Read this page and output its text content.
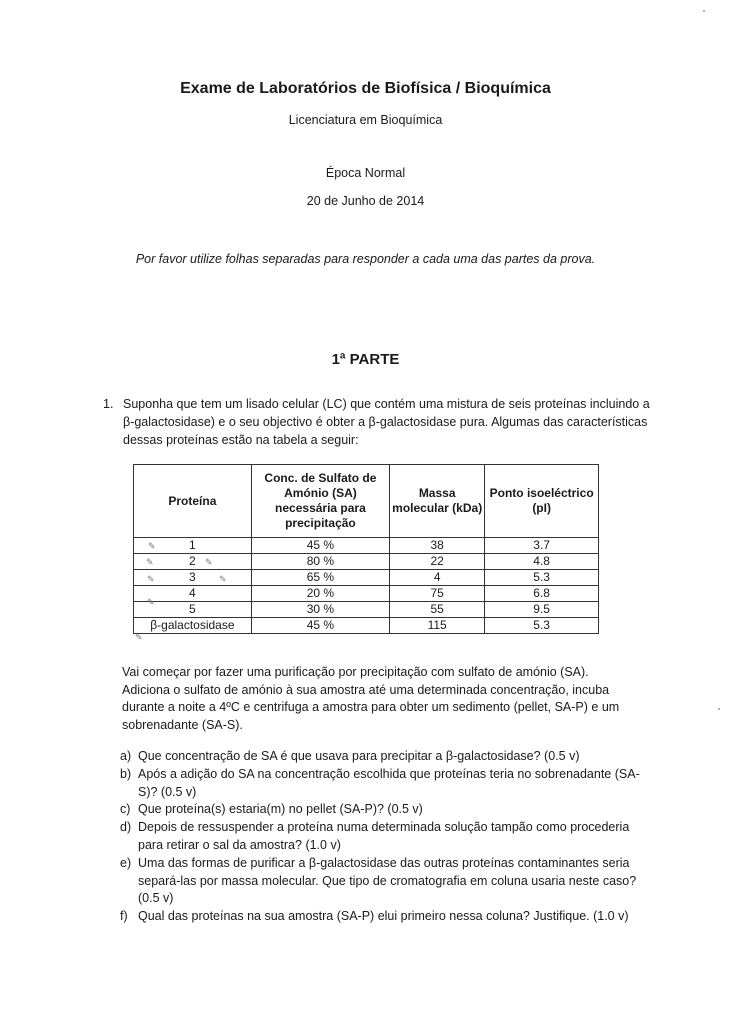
Exame de Laboratórios de Biofísica / Bioquímica
Licenciatura em Bioquímica
Época Normal
20 de Junho de 2014
Por favor utilize folhas separadas para responder a cada uma das partes da prova.
1ª PARTE
1. Suponha que tem um lisado celular (LC) que contém uma mistura de seis proteínas incluindo a β-galactosidase) e o seu objectivo é obter a β-galactosidase pura. Algumas das características dessas proteínas estão na tabela a seguir:
Proteína	Conc. de Sulfato de Amónio (SA) necessária para precipitação	Massa molecular (kDa)	Ponto isoeléctrico (pI)
1	45 %	38	3.7
2	80 %	22	4.8
3	65 %	4	5.3
4	20 %	75	6.8
5	30 %	55	9.5
β-galactosidase	45 %	115	5.3
✎
✎	✎
✎	✎
✎
✎
Vai começar por fazer uma purificação por precipitação com sulfato de amónio (SA). Adiciona o sulfato de amónio à sua amostra até uma determinada concentração, incuba durante a noite a 4ºC e centrifuga a amostra para obter um sedimento (pellet, SA-P) e um sobrenadante (SA-S).
a) Que concentração de SA é que usava para precipitar a β-galactosidase? (0.5 v)
b) Após a adição do SA na concentração escolhida que proteínas teria no sobrenadante (SA-S)? (0.5 v)
c) Que proteína(s) estaria(m) no pellet (SA-P)? (0.5 v)
d) Depois de ressuspender a proteína numa determinada solução tampão como procederia para retirar o sal da amostra? (1.0 v)
e) Uma das formas de purificar a β-galactosidase das outras proteínas contaminantes seria separá-las por massa molecular. Que tipo de cromatografia em coluna usaria neste caso? (0.5 v)
f) Qual das proteínas na sua amostra (SA-P) elui primeiro nessa coluna? Justifique. (1.0 v)
